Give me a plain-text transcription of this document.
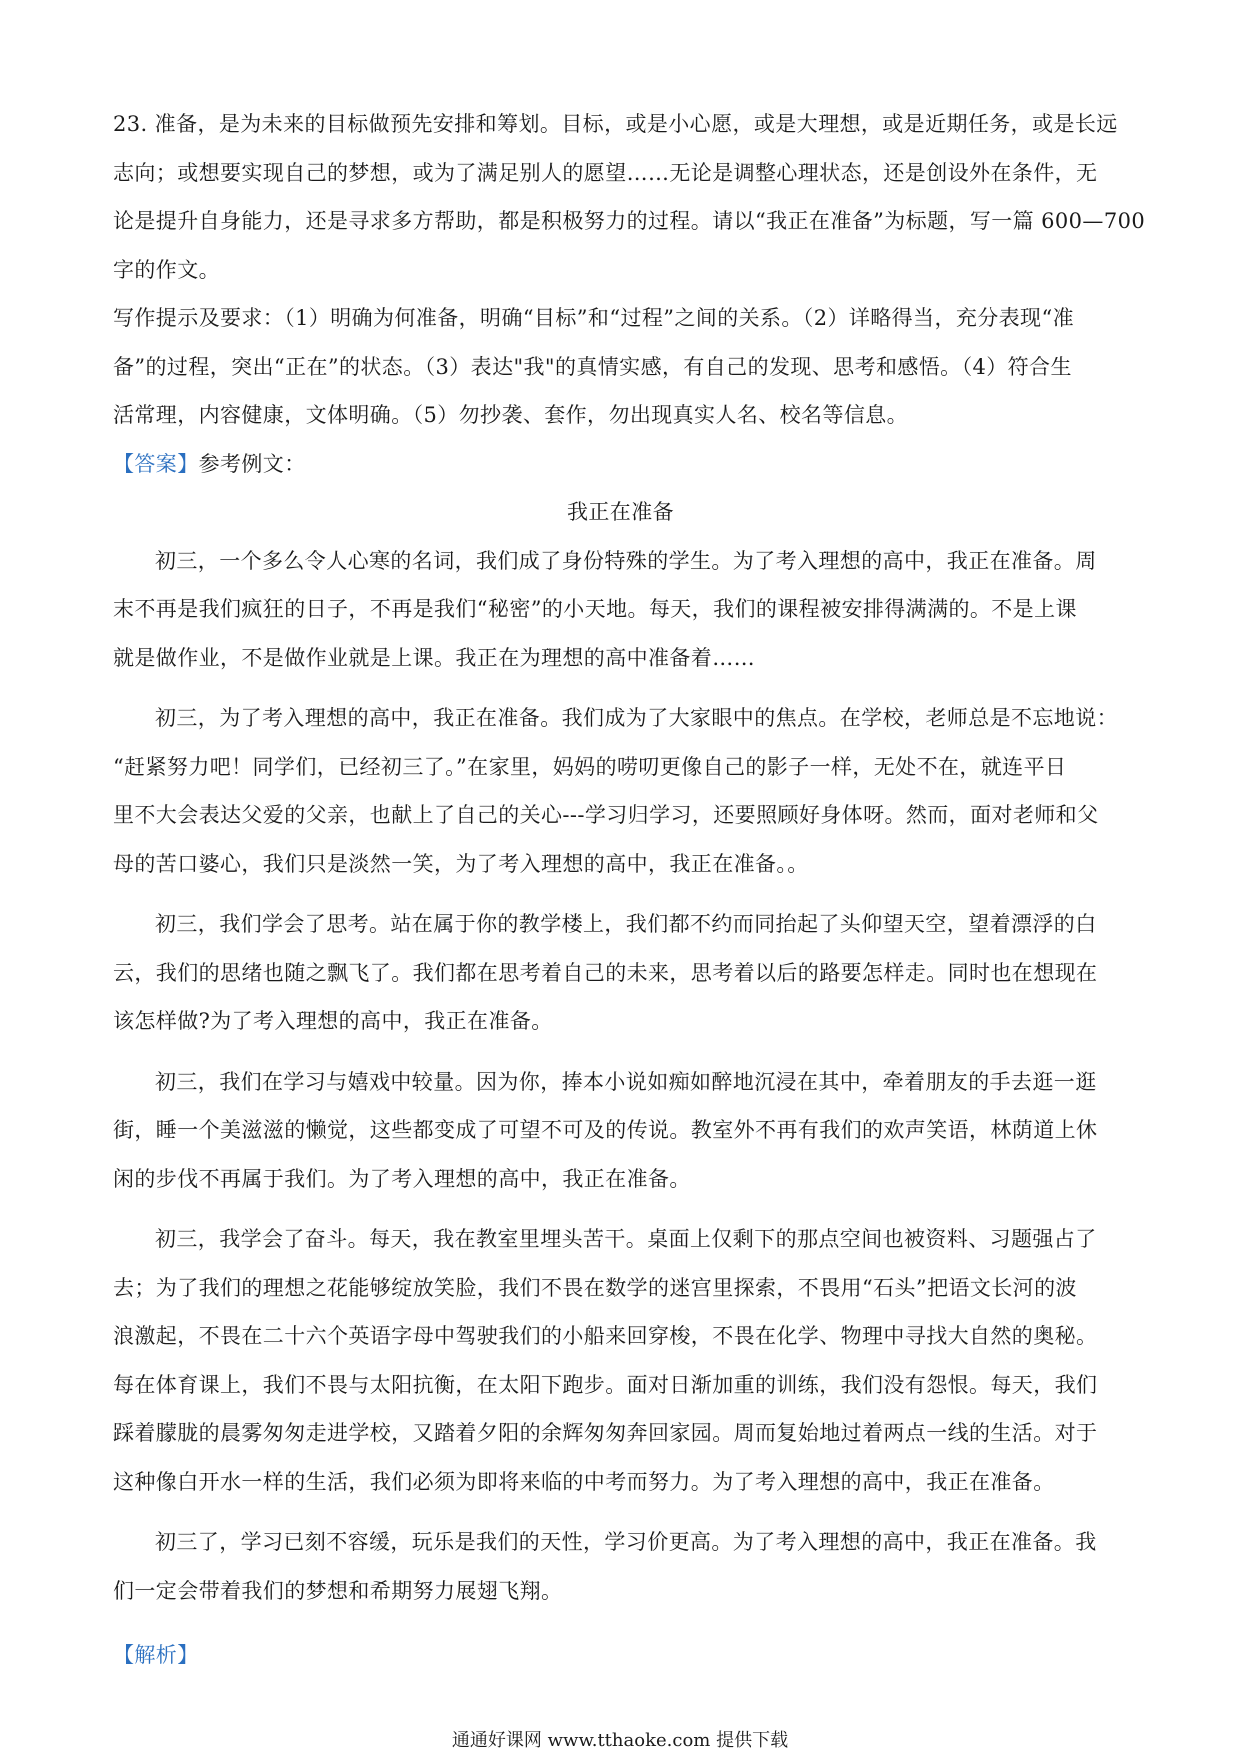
23. 准备，是为未来的目标做预先安排和筹划。目标，或是小心愿，或是大理想，或是近期任务，或是长远
志向；或想要实现自己的梦想，或为了满足别人的愿望……无论是调整心理状态，还是创设外在条件，无
论是提升自身能力，还是寻求多方帮助，都是积极努力的过程。请以“我正在准备”为标题，写一篇 600—700
字的作文。
写作提示及要求：（1）明确为何准备，明确“目标”和“过程”之间的关系。（2）详略得当，充分表现“准
备”的过程，突出“正在”的状态。（3）表达"我"的真情实感，有自己的发现、思考和感悟。（4）符合生
活常理，内容健康，文体明确。（5）勿抄袭、套作，勿出现真实人名、校名等信息。
【答案】参考例文：
我正在准备
初三，一个多么令人心寒的名词，我们成了身份特殊的学生。为了考入理想的高中，我正在准备。周
末不再是我们疯狂的日子，不再是我们“秘密”的小天地。每天，我们的课程被安排得满满的。不是上课
就是做作业，不是做作业就是上课。我正在为理想的高中准备着……
初三，为了考入理想的高中，我正在准备。我们成为了大家眼中的焦点。在学校，老师总是不忘地说：
“赶紧努力吧！同学们，已经初三了。”在家里，妈妈的唠叨更像自己的影子一样，无处不在，就连平日
里不大会表达父爱的父亲，也献上了自己的关心---学习归学习，还要照顾好身体呀。然而，面对老师和父
母的苦口婆心，我们只是淡然一笑，为了考入理想的高中，我正在准备。。
初三，我们学会了思考。站在属于你的教学楼上，我们都不约而同抬起了头仰望天空，望着漂浮的白
云，我们的思绪也随之飘飞了。我们都在思考着自己的未来，思考着以后的路要怎样走。同时也在想现在
该怎样做?为了考入理想的高中，我正在准备。
初三，我们在学习与嬉戏中较量。因为你，捧本小说如痴如醉地沉浸在其中，牵着朋友的手去逛一逛
街，睡一个美滋滋的懒觉，这些都变成了可望不可及的传说。教室外不再有我们的欢声笑语，林荫道上休
闲的步伐不再属于我们。为了考入理想的高中，我正在准备。
初三，我学会了奋斗。每天，我在教室里埋头苦干。桌面上仅剩下的那点空间也被资料、习题强占了
去；为了我们的理想之花能够绽放笑脸，我们不畏在数学的迷宫里探索，不畏用“石头”把语文长河的波
浪激起，不畏在二十六个英语字母中驾驶我们的小船来回穿梭，不畏在化学、物理中寻找大自然的奥秘。
每在体育课上，我们不畏与太阳抗衡，在太阳下跑步。面对日渐加重的训练，我们没有怨恨。每天，我们
踩着朦胧的晨雾匆匆走进学校，又踏着夕阳的余辉匆匆奔回家园。周而复始地过着两点一线的生活。对于
这种像白开水一样的生活，我们必须为即将来临的中考而努力。为了考入理想的高中，我正在准备。
初三了，学习已刻不容缓，玩乐是我们的天性，学习价更高。为了考入理想的高中，我正在准备。我
们一定会带着我们的梦想和希期努力展翅飞翔。
【解析】
通通好课网 www.tthaoke.com 提供下载
